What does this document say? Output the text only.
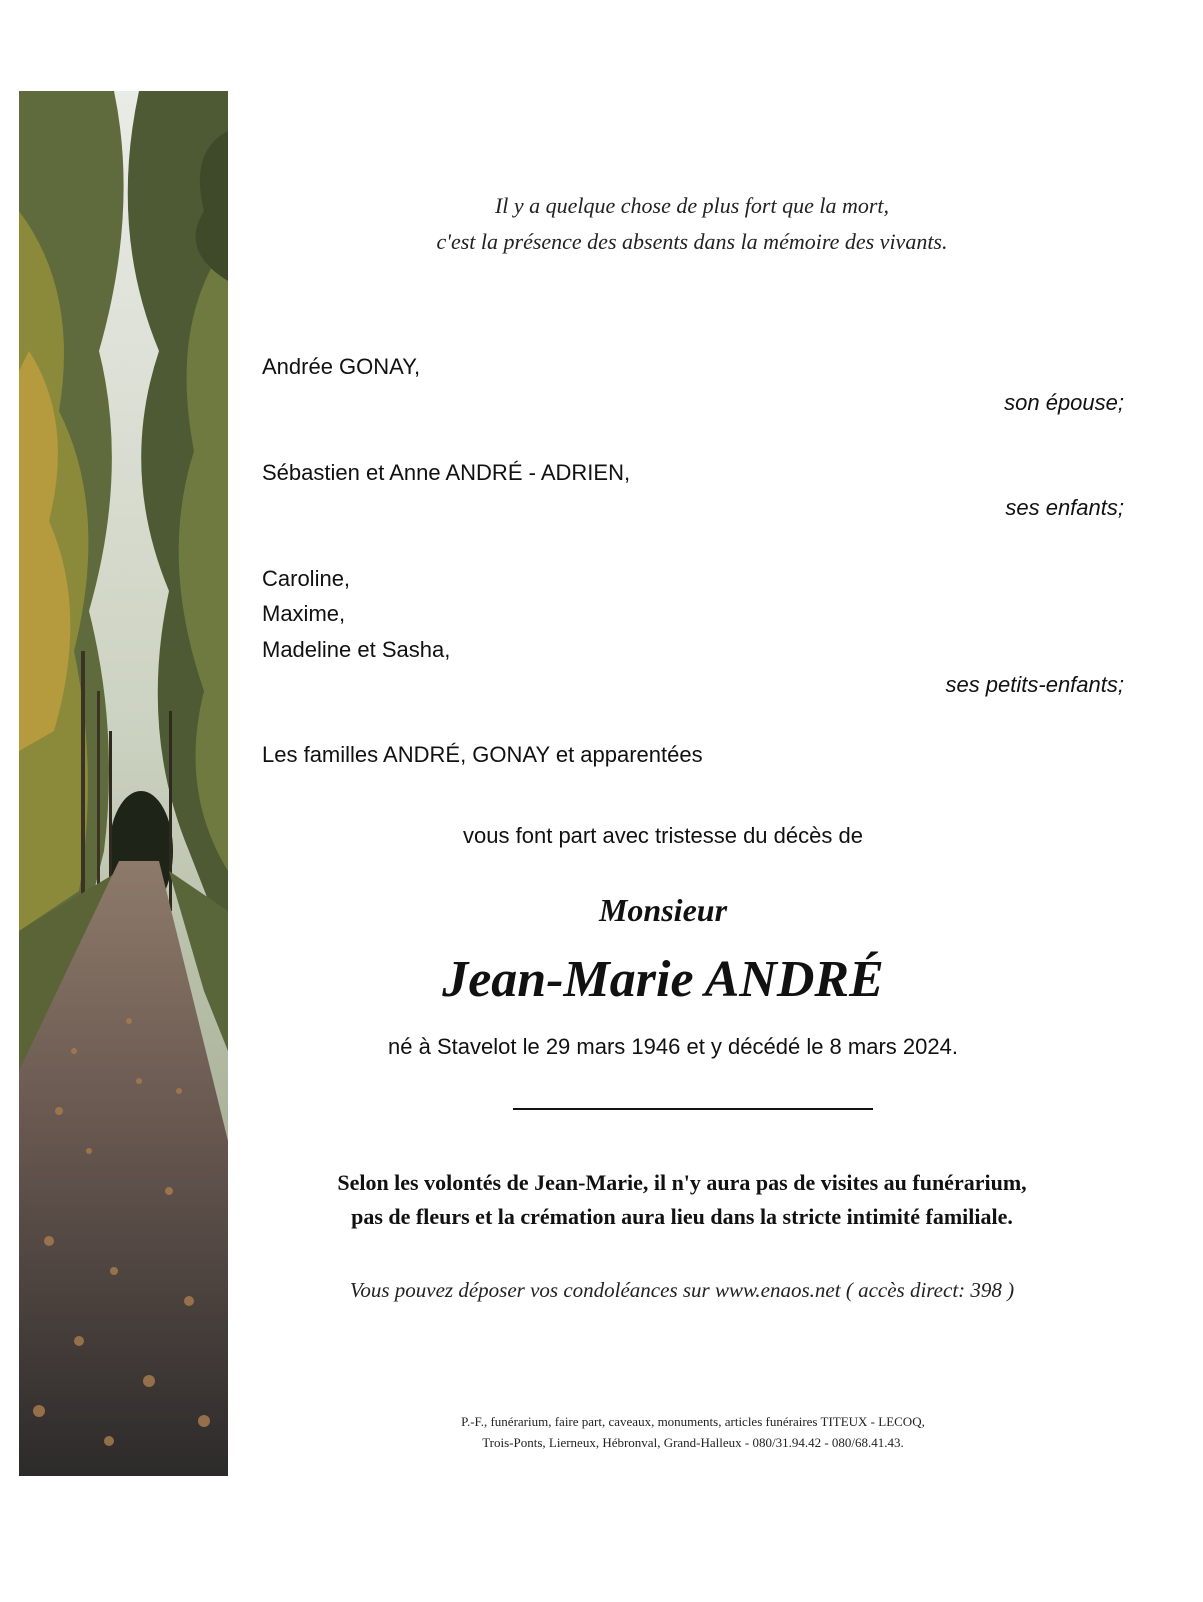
Il y a quelque chose de plus fort que la mort,
c'est la présence des absents dans la mémoire des vivants.
Andrée GONAY,
son épouse;
Sébastien et Anne ANDRÉ - ADRIEN,
ses enfants;
Caroline,
Maxime,
Madeline et Sasha,
ses petits-enfants;
Les familles ANDRÉ, GONAY et apparentées
vous font part avec tristesse du décès de
Monsieur
Jean-Marie ANDRÉ
né à Stavelot le 29 mars 1946 et y décédé le 8 mars 2024.
Selon les volontés de Jean-Marie, il n'y aura pas de visites au funérarium,
pas de fleurs et la crémation aura lieu dans la stricte intimité familiale.
Vous pouvez déposer vos condoléances sur www.enaos.net ( accès direct: 398 )
P.-F., funérarium, faire part, caveaux, monuments, articles funéraires TITEUX - LECOQ,
Trois-Ponts, Lierneux, Hébronval, Grand-Halleux - 080/31.94.42 - 080/68.41.43.
